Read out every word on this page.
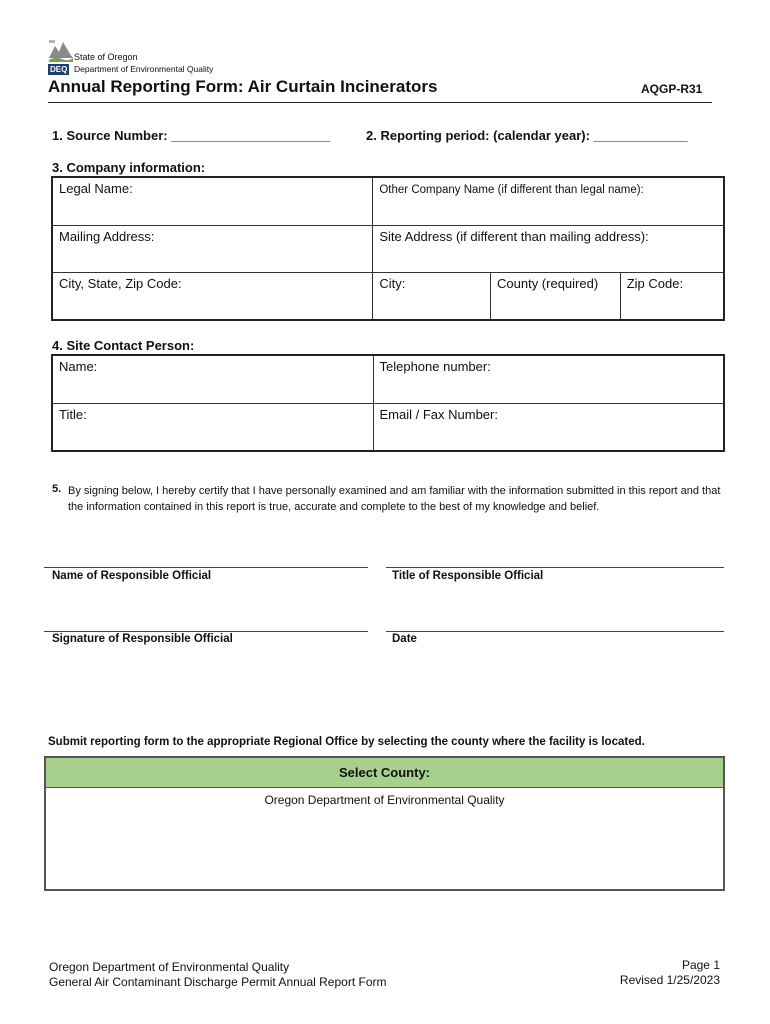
State of Oregon
DEQ Department of Environmental Quality
Annual Reporting Form: Air Curtain Incinerators	AQGP-R31
1. Source Number: ______________________	2. Reporting period: (calendar year): _____________
3. Company information:
Legal Name:	Other Company Name (if different than legal name):		
Mailing Address:	Site Address (if different than mailing address):		
City, State, Zip Code:	City:	County (required)	Zip Code:
4. Site Contact Person:
Name:	Telephone number:
Title:	Email / Fax Number:
5. By signing below, I hereby certify that I have personally examined and am familiar with the information submitted in this report and that the information contained in this report is true, accurate and complete to the best of my knowledge and belief.
Name of Responsible Official	Title of Responsible Official
Signature of Responsible Official	Date
Submit reporting form to the appropriate Regional Office by selecting the county where the facility is located.
Select County:
Oregon Department of Environmental Quality
Oregon Department of Environmental Quality
General Air Contaminant Discharge Permit Annual Report Form
Page 1
Revised 1/25/2023
